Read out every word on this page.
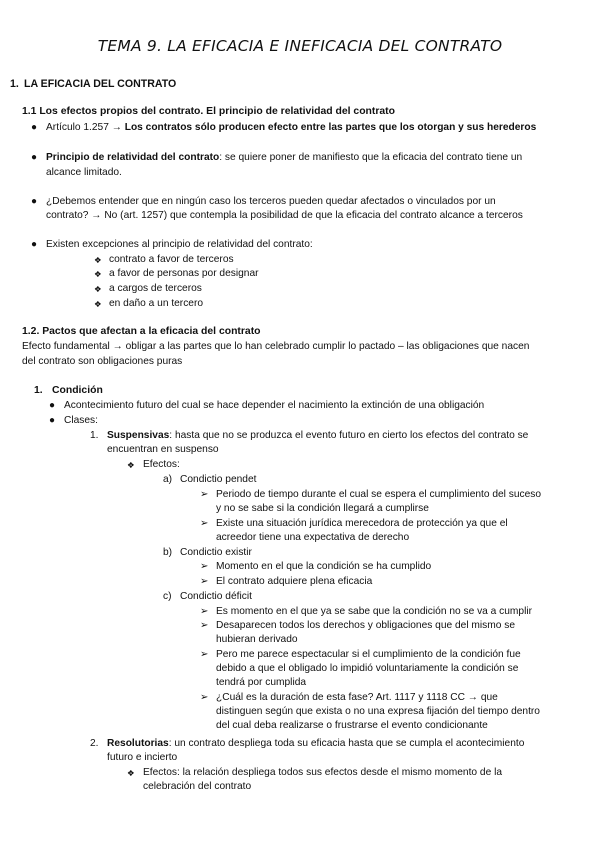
TEMA 9. LA EFICACIA E INEFICACIA DEL CONTRATO
1. LA EFICACIA DEL CONTRATO
1.1 Los efectos propios del contrato. El principio de relatividad del contrato
● Artículo 1.257 → Los contratos sólo producen efecto entre las partes que los otorgan y sus herederos
● Principio de relatividad del contrato: se quiere poner de manifiesto que la eficacia del contrato tiene un
alcance limitado.
● ¿Debemos entender que en ningún caso los terceros pueden quedar afectados o vinculados por un
contrato? → No (art. 1257) que contempla la posibilidad de que la eficacia del contrato alcance a terceros
● Existen excepciones al principio de relatividad del contrato:
❖ contrato a favor de terceros
❖ a favor de personas por designar
❖ a cargos de terceros
❖ en daño a un tercero
1.2. Pactos que afectan a la eficacia del contrato
Efecto fundamental → obligar a las partes que lo han celebrado cumplir lo pactado – las obligaciones que nacen
del contrato son obligaciones puras
1. Condición
● Acontecimiento futuro del cual se hace depender el nacimiento la extinción de una obligación
● Clases:
1. Suspensivas: hasta que no se produzca el evento futuro en cierto los efectos del contrato se
encuentran en suspenso
❖ Efectos:
a) Condictio pendet
➢ Periodo de tiempo durante el cual se espera el cumplimiento del suceso
y no se sabe si la condición llegará a cumplirse
➢ Existe una situación jurídica merecedora de protección ya que el
acreedor tiene una expectativa de derecho
b) Condictio existir
➢ Momento en el que la condición se ha cumplido
➢ El contrato adquiere plena eficacia
c) Condictio déficit
➢ Es momento en el que ya se sabe que la condición no se va a cumplir
➢ Desaparecen todos los derechos y obligaciones que del mismo se
hubieran derivado
➢ Pero me parece espectacular si el cumplimiento de la condición fue
debido a que el obligado lo impidió voluntariamente la condición se
tendrá por cumplida
➢ ¿Cuál es la duración de esta fase? Art. 1117 y 1118 CC → que
distinguen según que exista o no una expresa fijación del tiempo dentro
del cual deba realizarse o frustrarse el evento condicionante
2. Resolutorias: un contrato despliega toda su eficacia hasta que se cumpla el acontecimiento
futuro e incierto
❖ Efectos: la relación despliega todos sus efectos desde el mismo momento de la
celebración del contrato
